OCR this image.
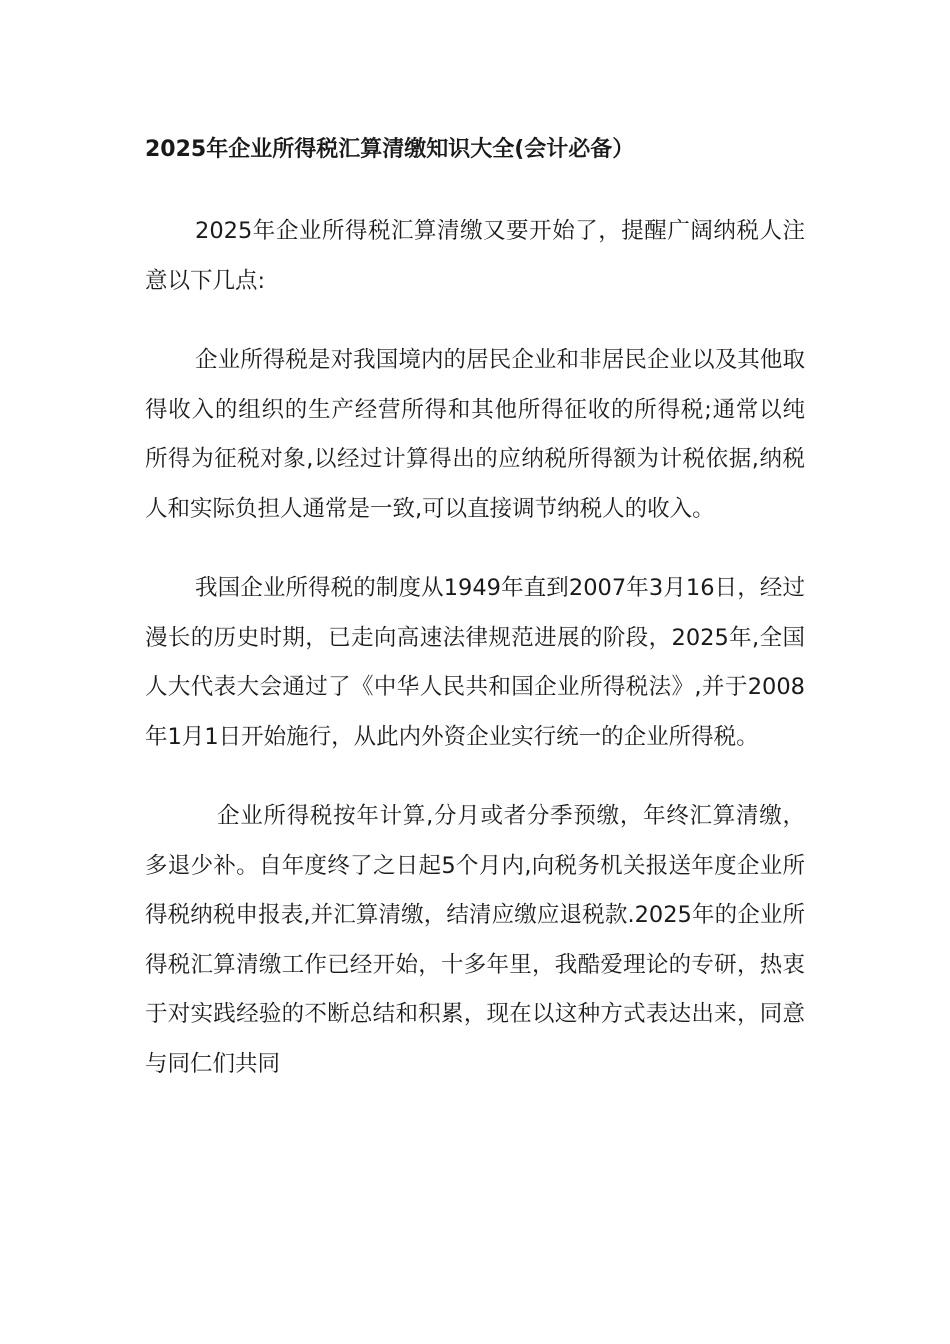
2025年企业所得税汇算清缴知识大全(会计必备）

2025年企业所得税汇算清缴又要开始了，提醒广阔纳税人注意以下几点:

企业所得税是对我国境内的居民企业和非居民企业以及其他取得收入的组织的生产经营所得和其他所得征收的所得税;通常以纯所得为征税对象,以经过计算得出的应纳税所得额为计税依据,纳税人和实际负担人通常是一致,可以直接调节纳税人的收入。

我国企业所得税的制度从1949年直到2007年3月16日，经过漫长的历史时期，已走向高速法律规范进展的阶段，2025年,全国人大代表大会通过了《中华人民共和国企业所得税法》,并于2008年1月1日开始施行，从此内外资企业实行统一的企业所得税。

企业所得税按年计算,分月或者分季预缴，年终汇算清缴，多退少补。自年度终了之日起5个月内,向税务机关报送年度企业所得税纳税申报表,并汇算清缴，结清应缴应退税款.2025年的企业所得税汇算清缴工作已经开始，十多年里，我酷爱理论的专研，热衷于对实践经验的不断总结和积累，现在以这种方式表达出来，同意与同仁们共同
